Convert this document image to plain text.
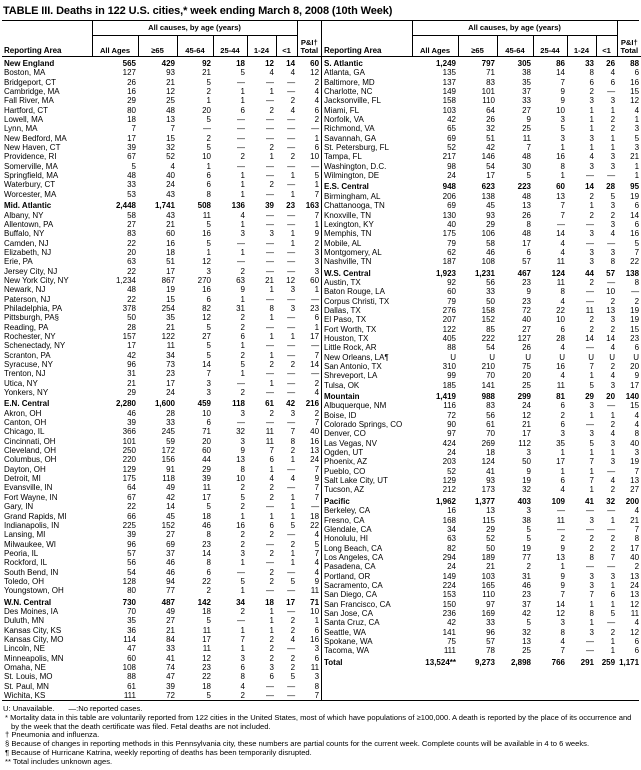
TABLE III. Deaths in 122 U.S. cities,* week ending March 8, 2008 (10th Week)
Reporting Area	All causes, by age (years)						P&I†
Total

	All Ages	≥65	45-64	25-44	1-24	<1	
New England	565	429	92	18	12	14	60
Boston, MA	127	93	21	5	4	4	12
Bridgeport, CT	26	21	5	—	—	—	2
Cambridge, MA	16	12	2	1	1	—	4
Fall River, MA	29	25	1	1	—	2	4
Hartford, CT	80	48	20	6	2	4	6
Lowell, MA	18	13	5	—	—	—	2
Lynn, MA	7	7	—	—	—	—	—
New Bedford, MA	17	15	2	—	—	—	1
New Haven, CT	39	32	5	—	2	—	6
Providence, RI	67	52	10	2	1	2	10
Somerville, MA	5	4	1	—	—	—	—
Springfield, MA	48	40	6	1	—	1	5
Waterbury, CT	33	24	6	1	2	—	1
Worcester, MA	53	43	8	1	—	1	7
Mid. Atlantic	2,448	1,741	508	136	39	23	163
Albany, NY	58	43	11	4	—	—	7
Allentown, PA	27	21	5	1	—	—	1
Buffalo, NY	83	60	16	3	3	1	9
Camden, NJ	22	16	5	—	—	1	2
Elizabeth, NJ	20	18	1	1	—	—	3
Erie, PA	63	51	12	—	—	—	3
Jersey City, NJ	22	17	3	2	—	—	3
New York City, NY	1,234	867	270	63	21	12	60
Newark, NJ	48	19	16	9	1	3	1
Paterson, NJ	22	15	6	1	—	—	—
Philadelphia, PA	378	254	82	31	8	3	23
Pittsburgh, PA§	50	35	12	2	1	—	6
Reading, PA	28	21	5	2	—	—	1
Rochester, NY	157	122	27	6	1	1	17
Schenectady, NY	17	11	5	1	—	—	—
Scranton, PA	42	34	5	2	1	—	7
Syracuse, NY	96	73	14	5	2	2	14
Trenton, NJ	31	23	7	1	—	—	—
Utica, NY	21	17	3	—	1	—	2
Yonkers, NY	29	24	3	2	—	—	4
E.N. Central	2,280	1,600	459	118	61	42	216
Akron, OH	46	28	10	3	2	3	2
Canton, OH	39	33	6	—	—	—	7
Chicago, IL	366	245	71	32	11	7	40
Cincinnati, OH	101	59	20	3	11	8	16
Cleveland, OH	250	172	60	9	7	2	13
Columbus, OH	220	156	44	13	6	1	24
Dayton, OH	129	91	29	8	1	—	7
Detroit, MI	175	118	39	10	4	4	9
Evansville, IN	64	49	11	2	2	—	7
Fort Wayne, IN	67	42	17	5	2	1	7
Gary, IN	22	14	5	2	—	1	—
Grand Rapids, MI	66	45	18	1	1	1	18
Indianapolis, IN	225	152	46	16	6	5	22
Lansing, MI	39	27	8	2	2	—	4
Milwaukee, WI	96	69	23	2	—	2	5
Peoria, IL	57	37	14	3	2	1	7
Rockford, IL	56	46	8	1	—	1	4
South Bend, IN	54	46	6	—	2	—	4
Toledo, OH	128	94	22	5	2	5	9
Youngstown, OH	80	77	2	1	—	—	11
W.N. Central	730	487	142	34	18	17	71
Des Moines, IA	70	49	18	2	1	—	10
Duluth, MN	35	27	5	—	1	2	1
Kansas City, KS	36	21	11	1	1	2	6
Kansas City, MO	114	84	17	7	2	4	16
Lincoln, NE	47	33	11	1	2	—	3
Minneapolis, MN	60	41	12	3	2	2	6
Omaha, NE	108	74	23	6	3	2	11
St. Louis, MO	88	47	22	8	6	5	3
St. Paul, MN	61	39	18	4	—	—	8
Wichita, KS	111	72	5	2	—	—	7
Reporting Area	All causes, by age (years)						P&I†
Total

	All Ages	≥65	45-64	25-44	1-24	<1	
S. Atlantic	1,249	797	305	86	33	26	88
Atlanta, GA	135	71	38	14	8	4	6
Baltimore, MD	137	83	35	7	6	6	16
Charlotte, NC	149	101	37	9	2	—	15
Jacksonville, FL	158	110	33	9	3	3	12
Miami, FL	103	64	27	10	1	1	4
Norfolk, VA	42	26	9	3	1	2	1
Richmond, VA	65	32	25	5	1	2	3
Savannah, GA	69	51	11	3	3	1	5
St. Petersburg, FL	52	42	7	1	1	1	3
Tampa, FL	217	146	48	16	4	3	21
Washington, D.C.	98	54	30	8	3	3	1
Wilmington, DE	24	17	5	1	—	—	1
E.S. Central	948	623	223	60	14	28	95
Birmingham, AL	206	138	48	13	2	5	19
Chattanooga, TN	69	45	13	7	1	3	6
Knoxville, TN	130	93	26	7	2	2	14
Lexington, KY	40	29	8	—	—	3	6
Memphis, TN	175	106	48	14	3	4	16
Mobile, AL	79	58	17	4	—	—	5
Montgomery, AL	62	46	6	4	3	3	7
Nashville, TN	187	108	57	11	3	8	22
W.S. Central	1,923	1,231	467	124	44	57	138
Austin, TX	92	56	23	11	2	—	8
Baton Rouge, LA	60	33	9	8	—	10	—
Corpus Christi, TX	79	50	23	4	—	2	2
Dallas, TX	276	158	72	22	11	13	19
El Paso, TX	207	152	40	10	2	3	19
Fort Worth, TX	122	85	27	6	2	2	15
Houston, TX	405	222	127	28	14	14	23
Little Rock, AR	88	54	26	4	—	4	6
New Orleans, LA¶	U	U	U	U	U	U	U
San Antonio, TX	310	210	75	16	7	2	20
Shreveport, LA	99	70	20	4	1	4	9
Tulsa, OK	185	141	25	11	5	3	17
Mountain	1,419	988	299	81	29	20	140
Albuquerque, NM	116	83	24	6	3	—	15
Boise, ID	72	56	12	2	1	1	4
Colorado Springs, CO	90	61	21	6	—	2	4
Denver, CO	97	70	17	3	3	4	8
Las Vegas, NV	424	269	112	35	5	3	40
Ogden, UT	24	18	3	1	1	1	3
Phoenix, AZ	203	124	50	17	7	3	19
Pueblo, CO	52	41	9	1	1	—	7
Salt Lake City, UT	129	93	19	6	7	4	13
Tucson, AZ	212	173	32	4	1	2	27
Pacific	1,962	1,377	403	109	41	32	200
Berkeley, CA	16	13	3	—	—	—	4
Fresno, CA	168	115	38	11	3	1	21
Glendale, CA	34	29	5	—	—	—	7
Honolulu, HI	63	52	5	2	2	2	8
Long Beach, CA	82	50	19	9	2	2	17
Los Angeles, CA	294	189	77	13	8	7	40
Pasadena, CA	24	21	2	1	—	—	2
Portland, OR	149	103	31	9	3	3	13
Sacramento, CA	224	165	46	9	3	1	24
San Diego, CA	153	110	23	7	7	6	13
San Francisco, CA	150	97	37	14	1	1	12
San Jose, CA	236	169	42	12	8	5	11
Santa Cruz, CA	42	33	5	3	1	—	4
Seattle, WA	141	96	32	8	3	2	12
Spokane, WA	75	57	13	4	—	1	6
Tacoma, WA	111	78	25	7	—	1	6
Total	13,524**	9,273	2,898	766	291	259	1,171
U: Unavailable. —:No reported cases.
* Mortality data in this table are voluntarily reported from 122 cities in the United States, most of which have populations of ≥100,000. A death is reported by the place of its occurrence and by the week that the death certificate was filed. Fetal deaths are not included.
† Pneumonia and influenza.
§ Because of changes in reporting methods in this Pennsylvania city, these numbers are partial counts for the current week. Complete counts will be available in 4 to 6 weeks.
¶ Because of Hurricane Katrina, weekly reporting of deaths has been temporarily disrupted.
** Total includes unknown ages.
